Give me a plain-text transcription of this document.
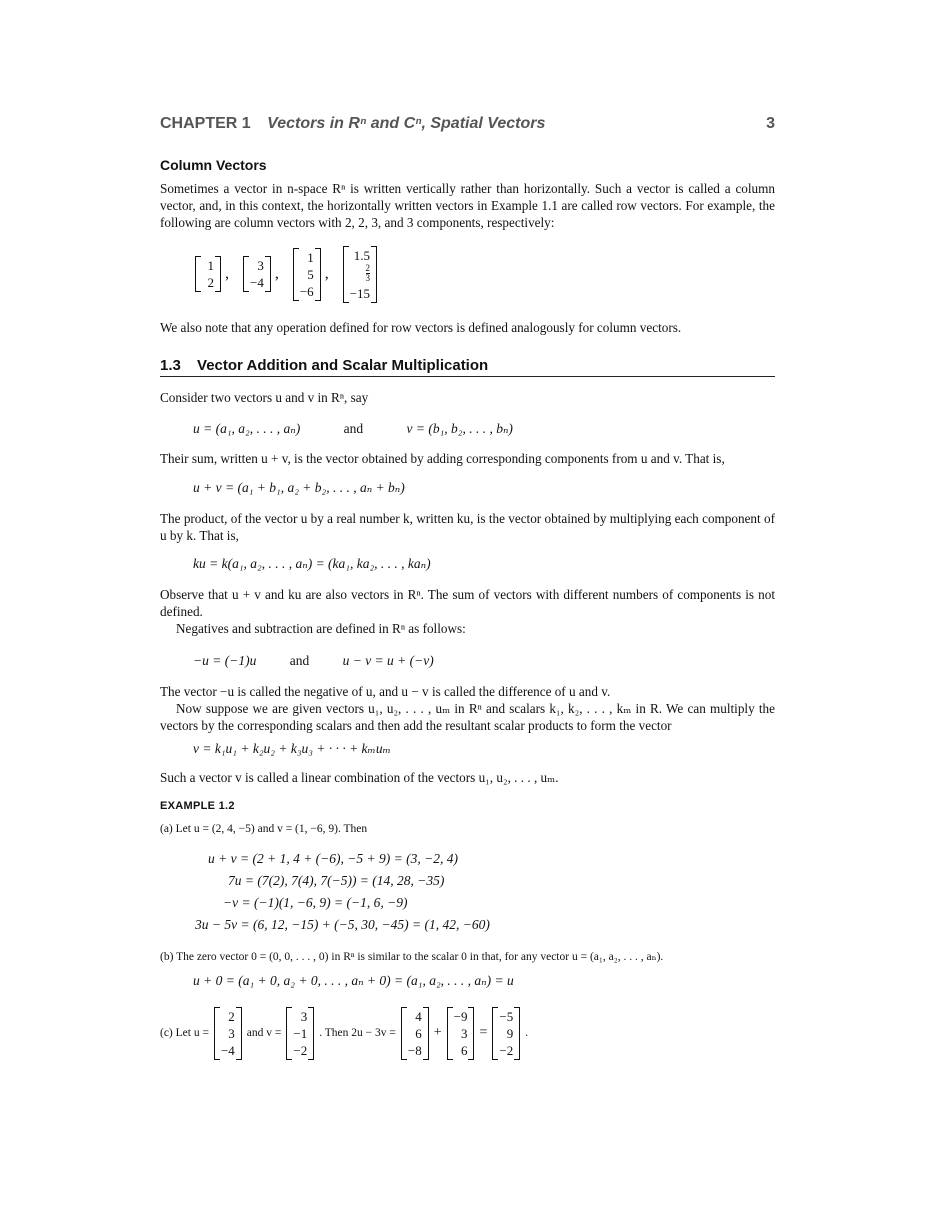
CHAPTER 1 Vectors in Rⁿ and Cⁿ, Spatial Vectors	3
Column Vectors
Sometimes a vector in n-space Rⁿ is written vertically rather than horizontally. Such a vector is called a column vector, and, in this context, the horizontally written vectors in Example 1.1 are called row vectors. For example, the following are column vectors with 2, 2, 3, and 3 components, respectively:
1
2
,	3
−4
,
1
5
−6
,
1.5
$\frac{2}{3}$
−15
We also note that any operation defined for row vectors is defined analogously for column vectors.
1.3 Vector Addition and Scalar Multiplication
Consider two vectors u and v in Rⁿ, say
u = (a₁, a₂, . . . , aₙ)	and	v = (b₁, b₂, . . . , bₙ)
Their sum, written u + v, is the vector obtained by adding corresponding components from u and v. That is,
u + v = (a₁ + b₁, a₂ + b₂, . . . , aₙ + bₙ)
The product, of the vector u by a real number k, written ku, is the vector obtained by multiplying each component of u by k. That is,
ku = k(a₁, a₂, . . . , aₙ) = (ka₁, ka₂, . . . , kaₙ)
Observe that u + v and ku are also vectors in Rⁿ. The sum of vectors with different numbers of components is not defined.
Negatives and subtraction are defined in Rⁿ as follows:
−u = (−1)u and u − v = u + (−v)
The vector −u is called the negative of u, and u − v is called the difference of u and v.
Now suppose we are given vectors u₁, u₂, . . . , uₘ in Rⁿ and scalars k₁, k₂, . . . , kₘ in R. We can multiply the vectors by the corresponding scalars and then add the resultant scalar products to form the vector
v = k₁u₁ + k₂u₂ + k₃u₃ + · · · + kₘuₘ
Such a vector v is called a linear combination of the vectors u₁, u₂, . . . , uₘ.
EXAMPLE 1.2
(a) Let u = (2, 4, −5) and v = (1, −6, 9). Then
u + v = (2 + 1, 4 + (−6), −5 + 9) = (3, −2, 4)
7u = (7(2), 7(4), 7(−5)) = (14, 28, −35)
−v = (−1)(1, −6, 9) = (−1, 6, −9)
3u − 5v = (6, 12, −15) + (−5, 30, −45) = (1, 42, −60)
(b) The zero vector 0 = (0, 0, . . . , 0) in Rⁿ is similar to the scalar 0 in that, for any vector u = (a₁, a₂, . . . , aₙ).
u + 0 = (a₁ + 0, a₂ + 0, . . . , aₙ + 0) = (a₁, a₂, . . . , aₙ) = u
(c) Let u =
2
3
−4
and v =
3
−1
−2
. Then 2u − 3v =
4
6
−8
+
−9
3
6
=
−5
9
−2
.
